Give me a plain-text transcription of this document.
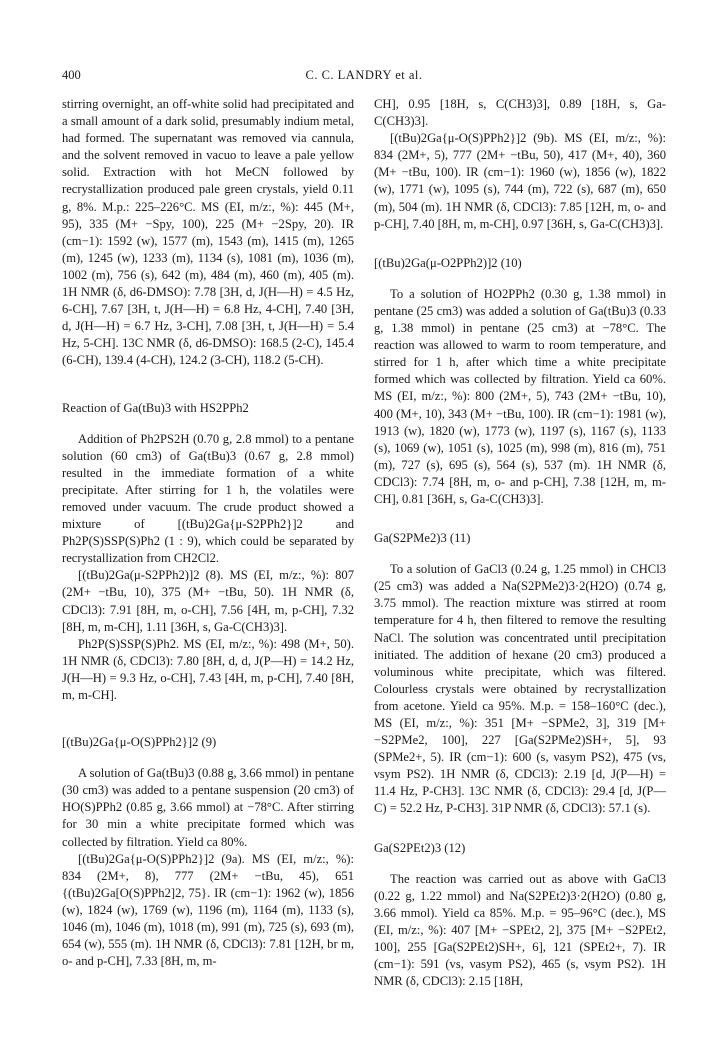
400	C. C. LANDRY et al.

stirring overnight, an off-white solid had precipitated and a small amount of a dark solid, presumably indium metal, had formed. The supernatant was removed via cannula, and the solvent removed in vacuo to leave a pale yellow solid. Extraction with hot MeCN followed by recrystallization produced pale green crystals, yield 0.11 g, 8%. M.p.: 225–226°C. MS (EI, m/z:, %): 445 (M+, 95), 335 (M+ −Spy, 100), 225 (M+ −2Spy, 20). IR (cm−1): 1592 (w), 1577 (m), 1543 (m), 1415 (m), 1265 (m), 1245 (w), 1233 (m), 1134 (s), 1081 (m), 1036 (m), 1002 (m), 756 (s), 642 (m), 484 (m), 460 (m), 405 (m). 1H NMR (δ, d6-DMSO): 7.78 [3H, d, J(H—H) = 4.5 Hz, 6-CH], 7.67 [3H, t, J(H—H) = 6.8 Hz, 4-CH], 7.40 [3H, d, J(H—H) = 6.7 Hz, 3-CH], 7.08 [3H, t, J(H—H) = 5.4 Hz, 5-CH]. 13C NMR (δ, d6-DMSO): 168.5 (2-C), 145.4 (6-CH), 139.4 (4-CH), 124.2 (3-CH), 118.2 (5-CH).

Reaction of Ga(tBu)3 with HS2PPh2

Addition of Ph2PS2H (0.70 g, 2.8 mmol) to a pentane solution (60 cm3) of Ga(tBu)3 (0.67 g, 2.8 mmol) resulted in the immediate formation of a white precipitate. After stirring for 1 h, the volatiles were removed under vacuum. The crude product showed a mixture of [(tBu)2Ga{μ-S2PPh2}]2 and Ph2P(S)SSP(S)Ph2 (1 : 9), which could be separated by recrystallization from CH2Cl2.

[(tBu)2Ga(μ-S2PPh2)]2 (8). MS (EI, m/z:, %): 807 (2M+ −tBu, 10), 375 (M+ −tBu, 50). 1H NMR (δ, CDCl3): 7.91 [8H, m, o-CH], 7.56 [4H, m, p-CH], 7.32 [8H, m, m-CH], 1.11 [36H, s, Ga-C(CH3)3].

Ph2P(S)SSP(S)Ph2. MS (EI, m/z:, %): 498 (M+, 50). 1H NMR (δ, CDCl3): 7.80 [8H, d, d, J(P—H) = 14.2 Hz, J(H—H) = 9.3 Hz, o-CH], 7.43 [4H, m, p-CH], 7.40 [8H, m, m-CH].

[(tBu)2Ga{μ-O(S)PPh2}]2 (9)

A solution of Ga(tBu)3 (0.88 g, 3.66 mmol) in pentane (30 cm3) was added to a pentane suspension (20 cm3) of HO(S)PPh2 (0.85 g, 3.66 mmol) at −78°C. After stirring for 30 min a white precipitate formed which was collected by filtration. Yield ca 80%.

[(tBu)2Ga{μ-O(S)PPh2}]2 (9a). MS (EI, m/z:, %): 834 (2M+, 8), 777 (2M+ −tBu, 45), 651 {(tBu)2Ga[O(S)PPh2]2, 75}. IR (cm−1): 1962 (w), 1856 (w), 1824 (w), 1769 (w), 1196 (m), 1164 (m), 1133 (s), 1046 (m), 1046 (m), 1018 (m), 991 (m), 725 (s), 693 (m), 654 (w), 555 (m). 1H NMR (δ, CDCl3): 7.81 [12H, br m, o- and p-CH], 7.33 [8H, m, m-

CH], 0.95 [18H, s, C(CH3)3], 0.89 [18H, s, Ga-C(CH3)3].

[(tBu)2Ga{μ-O(S)PPh2}]2 (9b). MS (EI, m/z:, %): 834 (2M+, 5), 777 (2M+ −tBu, 50), 417 (M+, 40), 360 (M+ −tBu, 100). IR (cm−1): 1960 (w), 1856 (w), 1822 (w), 1771 (w), 1095 (s), 744 (m), 722 (s), 687 (m), 650 (m), 504 (m). 1H NMR (δ, CDCl3): 7.85 [12H, m, o- and p-CH], 7.40 [8H, m, m-CH], 0.97 [36H, s, Ga-C(CH3)3].

[(tBu)2Ga(μ-O2PPh2)]2 (10)

To a solution of HO2PPh2 (0.30 g, 1.38 mmol) in pentane (25 cm3) was added a solution of Ga(tBu)3 (0.33 g, 1.38 mmol) in pentane (25 cm3) at −78°C. The reaction was allowed to warm to room temperature, and stirred for 1 h, after which time a white precipitate formed which was collected by filtration. Yield ca 60%. MS (EI, m/z:, %): 800 (2M+, 5), 743 (2M+ −tBu, 10), 400 (M+, 10), 343 (M+ −tBu, 100). IR (cm−1): 1981 (w), 1913 (w), 1820 (w), 1773 (w), 1197 (s), 1167 (s), 1133 (s), 1069 (w), 1051 (s), 1025 (m), 998 (m), 816 (m), 751 (m), 727 (s), 695 (s), 564 (s), 537 (m). 1H NMR (δ, CDCl3): 7.74 [8H, m, o- and p-CH], 7.38 [12H, m, m-CH], 0.81 [36H, s, Ga-C(CH3)3].

Ga(S2PMe2)3 (11)

To a solution of GaCl3 (0.24 g, 1.25 mmol) in CHCl3 (25 cm3) was added a Na(S2PMe2)3·2(H2O) (0.74 g, 3.75 mmol). The reaction mixture was stirred at room temperature for 4 h, then filtered to remove the resulting NaCl. The solution was concentrated until precipitation initiated. The addition of hexane (20 cm3) produced a voluminous white precipitate, which was filtered. Colourless crystals were obtained by recrystallization from acetone. Yield ca 95%. M.p. = 158–160°C (dec.), MS (EI, m/z:, %): 351 [M+ −SPMe2, 3], 319 [M+ −S2PMe2, 100], 227 [Ga(S2PMe2)SH+, 5], 93 (SPMe2+, 5). IR (cm−1): 600 (s, νasym PS2), 475 (vs, νsym PS2). 1H NMR (δ, CDCl3): 2.19 [d, J(P—H) = 11.4 Hz, P-CH3]. 13C NMR (δ, CDCl3): 29.4 [d, J(P—C) = 52.2 Hz, P-CH3]. 31P NMR (δ, CDCl3): 57.1 (s).

Ga(S2PEt2)3 (12)

The reaction was carried out as above with GaCl3 (0.22 g, 1.22 mmol) and Na(S2PEt2)3·2(H2O) (0.80 g, 3.66 mmol). Yield ca 85%. M.p. = 95–96°C (dec.), MS (EI, m/z:, %): 407 [M+ −SPEt2, 2], 375 [M+ −S2PEt2, 100], 255 [Ga(S2PEt2)SH+, 6], 121 (SPEt2+, 7). IR (cm−1): 591 (vs, νasym PS2), 465 (s, νsym PS2). 1H NMR (δ, CDCl3): 2.15 [18H,
